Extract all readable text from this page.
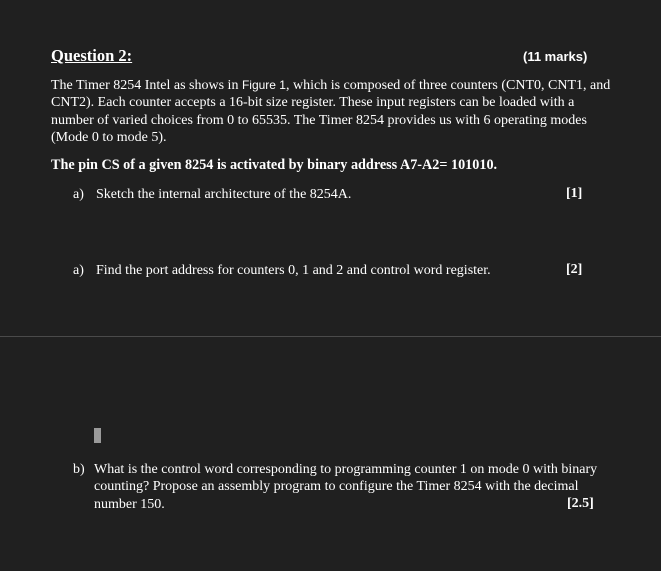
Question 2:	(11 marks)
The Timer 8254 Intel as shows in Figure 1, which is composed of three counters (CNT0, CNT1, and CNT2). Each counter accepts a 16-bit size register. These input registers can be loaded with a number of varied choices from 0 to 65535. The Timer 8254 provides us with 6 operating modes (Mode 0 to mode 5).
The pin CS of a given 8254 is activated by binary address A7-A2= 101010.
a) Sketch the internal architecture of the 8254A.	[1]
a) Find the port address for counters 0, 1 and 2 and control word register.	[2]
b) What is the control word corresponding to programming counter 1 on mode 0 with binary counting? Propose an assembly program to configure the Timer 8254 with the decimal number 150.	[2.5]
